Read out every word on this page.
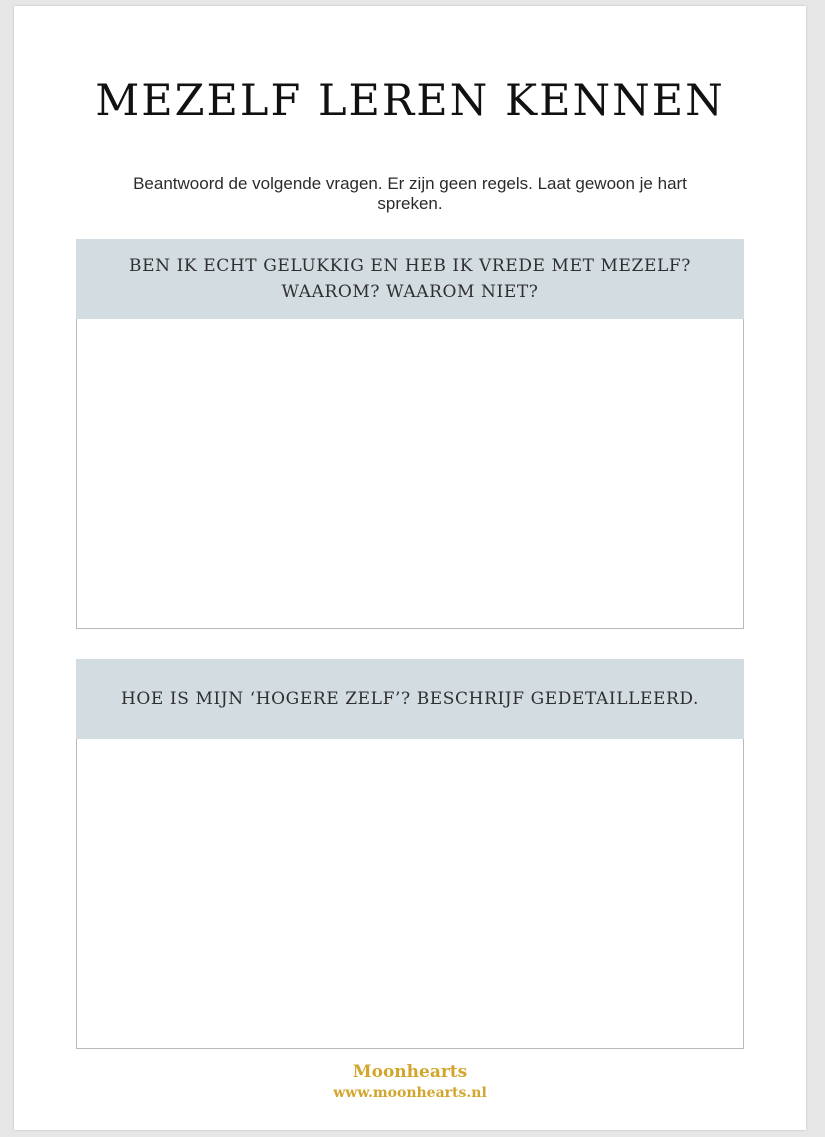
MEZELF LEREN KENNEN
Beantwoord de volgende vragen. Er zijn geen regels. Laat gewoon je hart spreken.
BEN IK ECHT GELUKKIG EN HEB IK VREDE MET MEZELF?
WAAROM? WAAROM NIET?
HOE IS MIJN ‘HOGERE ZELF’? BESCHRIJF GEDETAILLEERD.
Moonhearts
www.moonhearts.nl
